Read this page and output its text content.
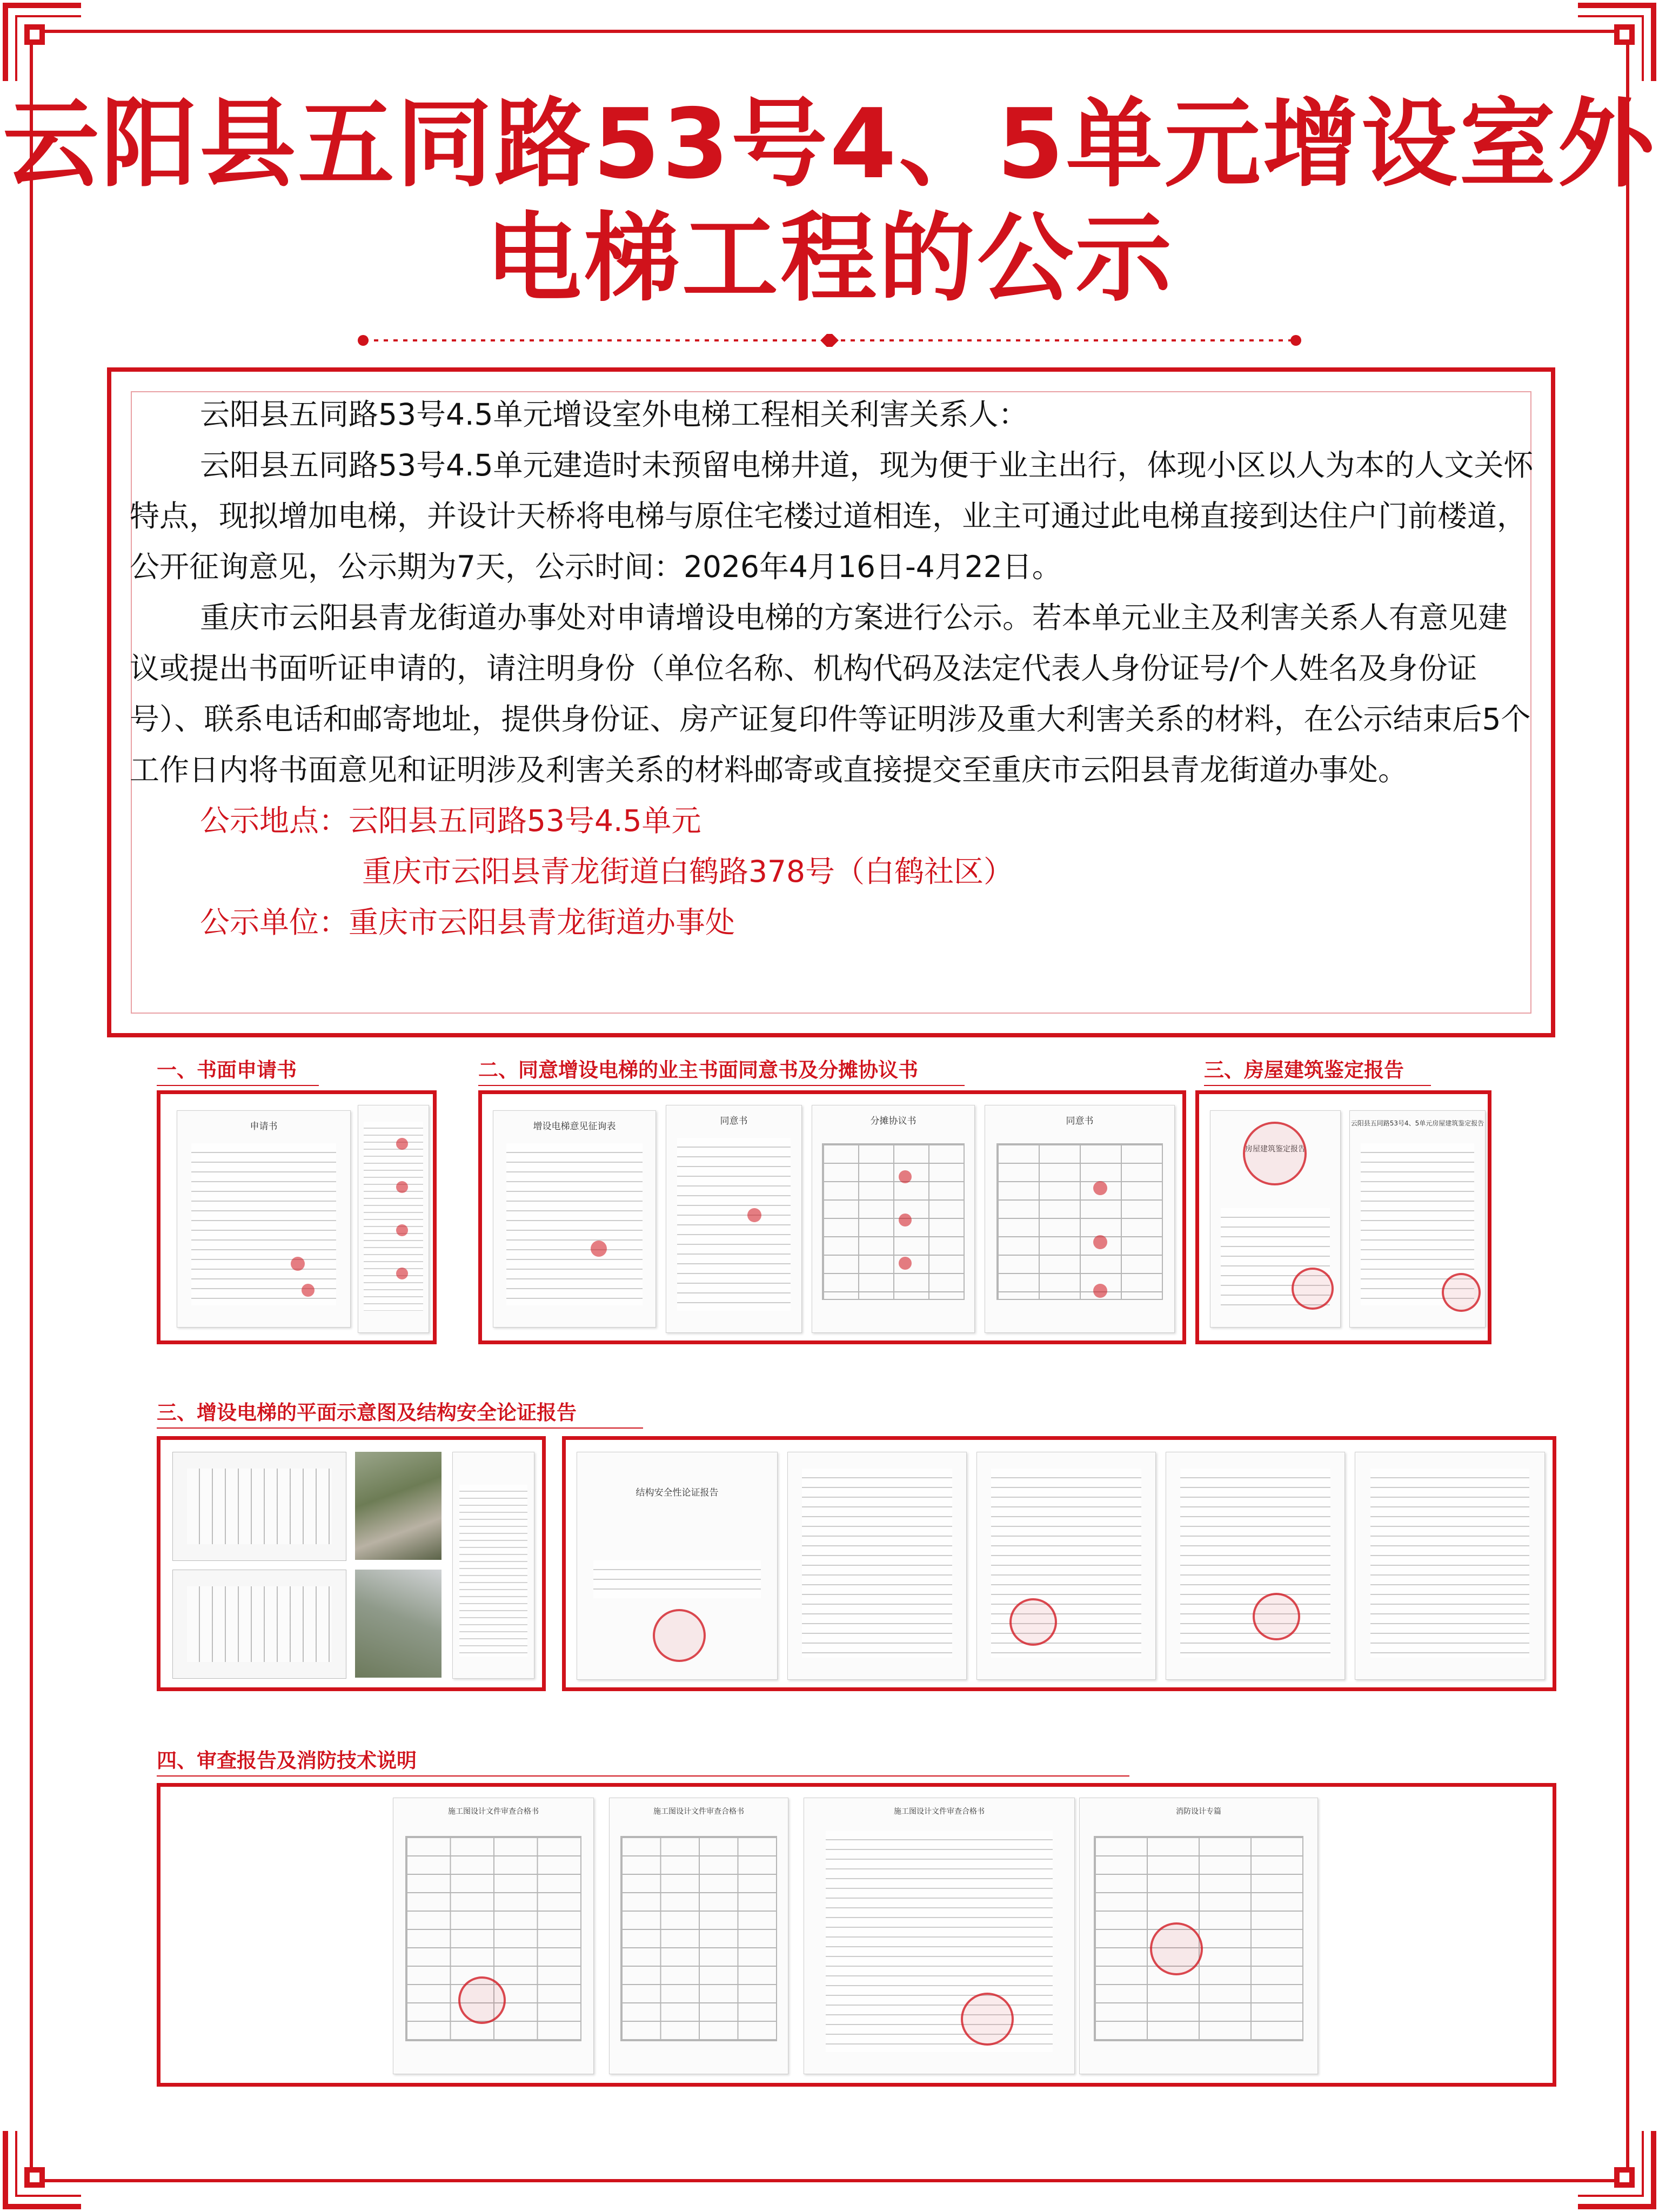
云阳县五同路53号4、5单元增设室外
电梯工程的公示

云阳县五同路53号4.5单元增设室外电梯工程相关利害关系人：

云阳县五同路53号4.5单元建造时未预留电梯井道，现为便于业主出行，体现小区以人为本的人文关怀特点，现拟增加电梯，并设计天桥将电梯与原住宅楼过道相连，业主可通过此电梯直接到达住户门前楼道，公开征询意见，公示期为7天，公示时间：2026年4月16日-4月22日。

重庆市云阳县青龙街道办事处对申请增设电梯的方案进行公示。若本单元业主及利害关系人有意见建议或提出书面听证申请的，请注明身份（单位名称、机构代码及法定代表人身份证号/个人姓名及身份证号）、联系电话和邮寄地址，提供身份证、房产证复印件等证明涉及重大利害关系的材料，在公示结束后5个工作日内将书面意见和证明涉及利害关系的材料邮寄或直接提交至重庆市云阳县青龙街道办事处。

公示地点：云阳县五同路53号4.5单元

重庆市云阳县青龙街道白鹤路378号（白鹤社区）

公示单位：重庆市云阳县青龙街道办事处

一、书面申请书	二、同意增设电梯的业主书面同意书及分摊协议书	三、房屋建筑鉴定报告
申请书	增设电梯意见征询表	同意书	分摊协议书	同意书
房屋建筑鉴定报告
云阳县五同路53号4、5单元房屋建筑鉴定报告
三、增设电梯的平面示意图及结构安全论证报告
结构安全性论证报告
四、审查报告及消防技术说明
施工图设计文件审查合格书	施工图设计文件审查合格书	施工图设计文件审查合格书	消防设计专篇
